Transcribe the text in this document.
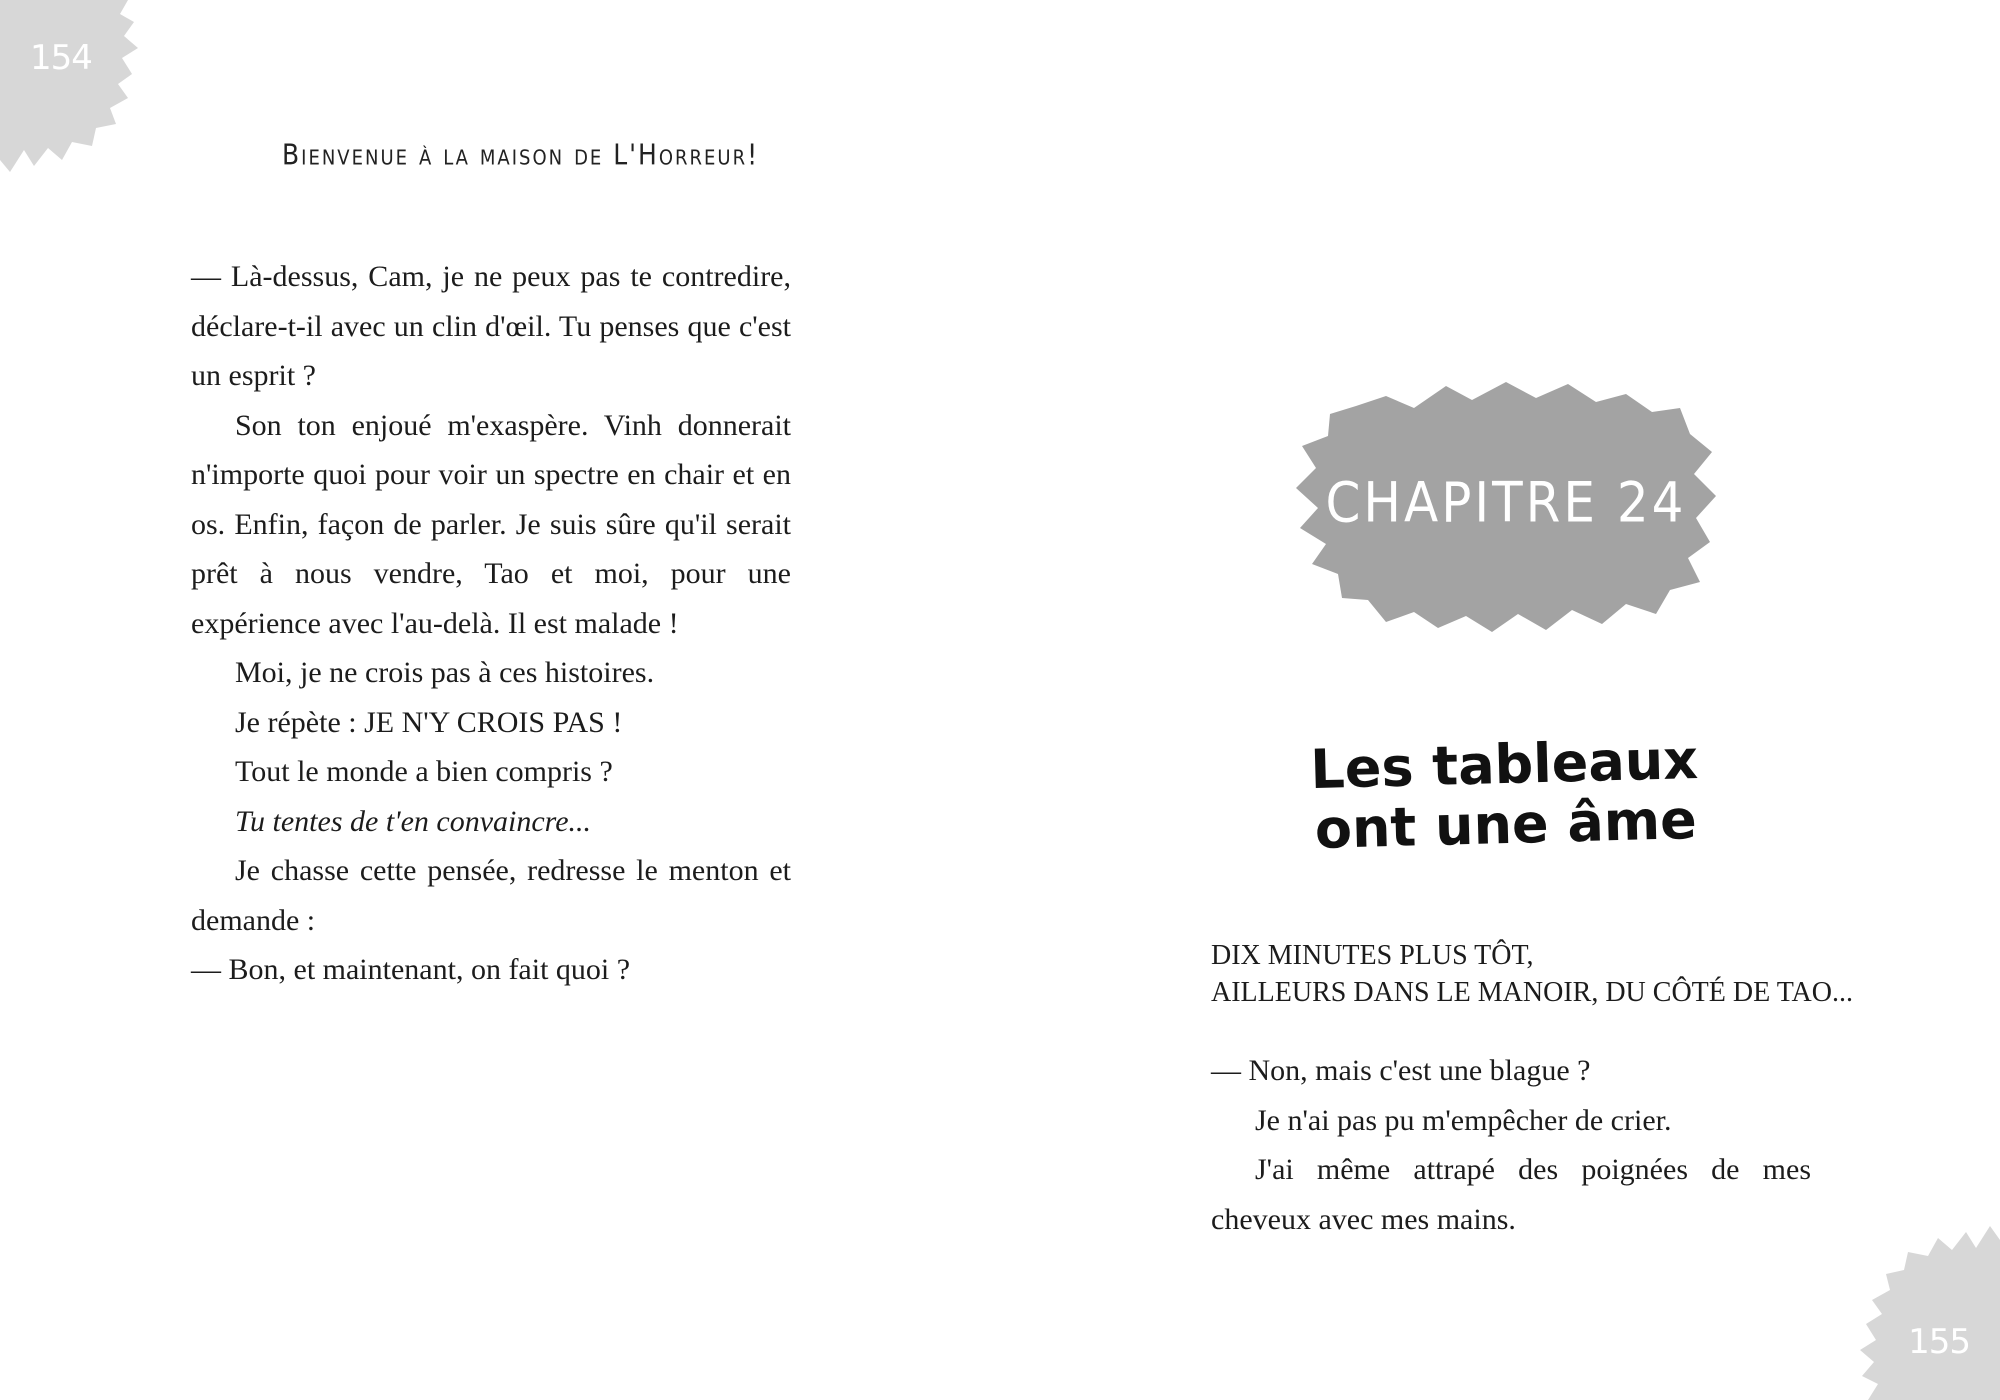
154
Bienvenue à la maison de L'Horreur!

— Là-dessus, Cam, je ne peux pas te contredire, déclare-t-il avec un clin d'œil. Tu penses que c'est un esprit ?

Son ton enjoué m'exaspère. Vinh donnerait n'importe quoi pour voir un spectre en chair et en os. Enfin, façon de parler. Je suis sûre qu'il serait prêt à nous vendre, Tao et moi, pour une expérience avec l'au-delà. Il est malade !

Moi, je ne crois pas à ces histoires.

Je répète : JE N'Y CROIS PAS !

Tout le monde a bien compris ?

Tu tentes de t'en convaincre...

Je chasse cette pensée, redresse le menton et demande :

— Bon, et maintenant, on fait quoi ?

CHAPITRE 24
Les tableaux
ont une âme
DIX MINUTES PLUS TÔT,
AILLEURS DANS LE MANOIR, DU CÔTÉ DE TAO...

— Non, mais c'est une blague ?

Je n'ai pas pu m'empêcher de crier.

J'ai même attrapé des poignées de mes cheveux avec mes mains.

155
